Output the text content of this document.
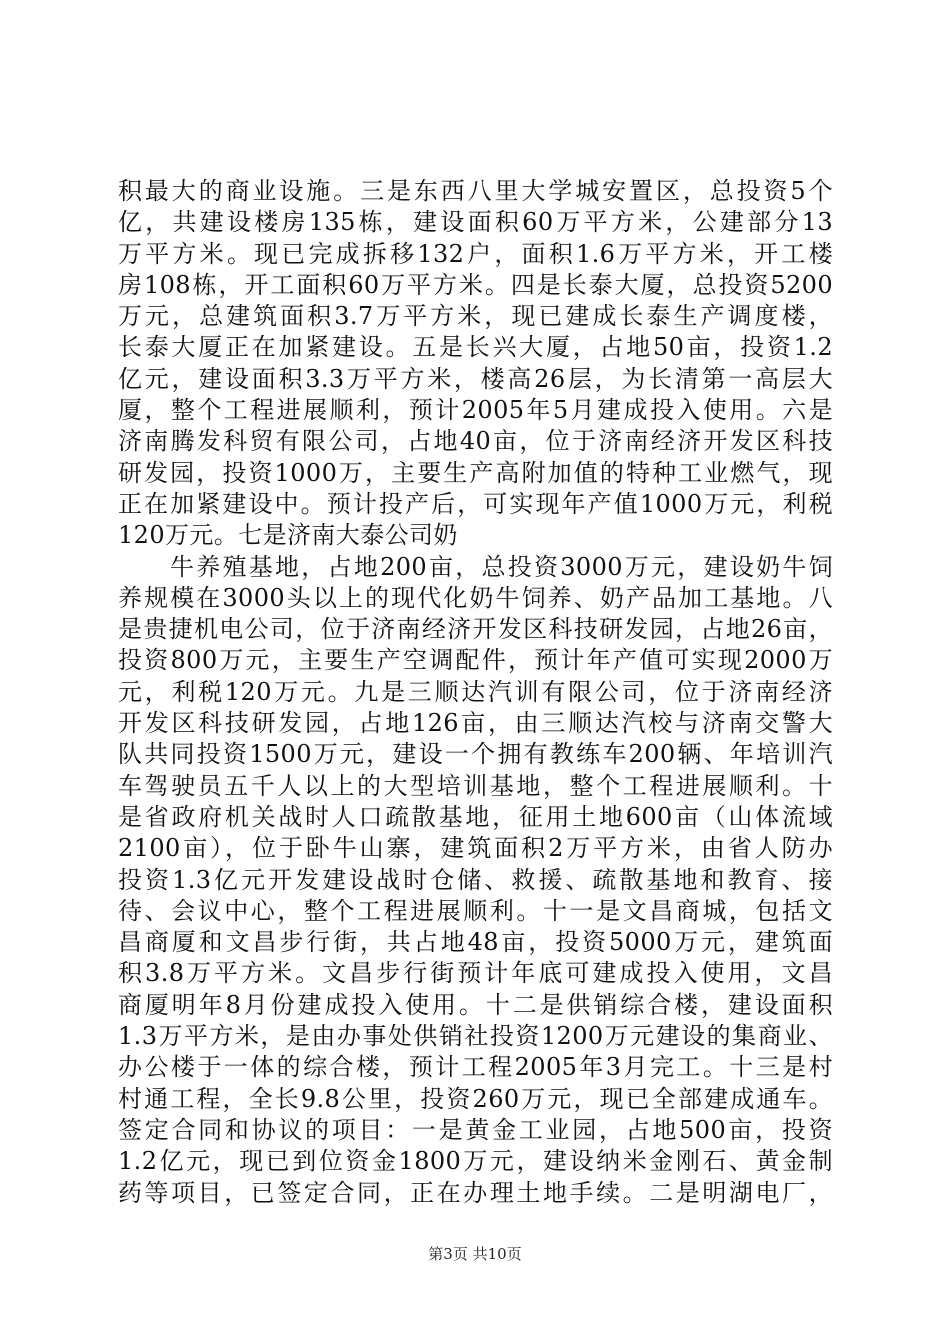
积最大的商业设施。三是东西八里大学城安置区，总投资5个
亿，共建设楼房135栋，建设面积60万平方米，公建部分13
万平方米。现已完成拆移132户，面积1.6万平方米，开工楼
房108栋，开工面积60万平方米。四是长泰大厦，总投资5200
万元，总建筑面积3.7万平方米，现已建成长泰生产调度楼，
长泰大厦正在加紧建设。五是长兴大厦，占地50亩，投资1.2
亿元，建设面积3.3万平方米，楼高26层，为长清第一高层大
厦，整个工程进展顺利，预计2005年5月建成投入使用。六是
济南腾发科贸有限公司，占地40亩，位于济南经济开发区科技
研发园，投资1000万，主要生产高附加值的特种工业燃气，现
正在加紧建设中。预计投产后，可实现年产值1000万元，利税
120万元。七是济南大泰公司奶
牛养殖基地，占地200亩，总投资3000万元，建设奶牛饲
养规模在3000头以上的现代化奶牛饲养、奶产品加工基地。八
是贵捷机电公司，位于济南经济开发区科技研发园，占地26亩，
投资800万元，主要生产空调配件，预计年产值可实现2000万
元，利税120万元。九是三顺达汽训有限公司，位于济南经济
开发区科技研发园，占地126亩，由三顺达汽校与济南交警大
队共同投资1500万元，建设一个拥有教练车200辆、年培训汽
车驾驶员五千人以上的大型培训基地，整个工程进展顺利。十
是省政府机关战时人口疏散基地，征用土地600亩（山体流域
2100亩），位于卧牛山寨，建筑面积2万平方米，由省人防办
投资1.3亿元开发建设战时仓储、救援、疏散基地和教育、接
待、会议中心，整个工程进展顺利。十一是文昌商城，包括文
昌商厦和文昌步行街，共占地48亩，投资5000万元，建筑面
积3.8万平方米。文昌步行街预计年底可建成投入使用，文昌
商厦明年8月份建成投入使用。十二是供销综合楼，建设面积
1.3万平方米，是由办事处供销社投资1200万元建设的集商业、
办公楼于一体的综合楼，预计工程2005年3月完工。十三是村
村通工程，全长9.8公里，投资260万元，现已全部建成通车。
签定合同和协议的项目：一是黄金工业园，占地500亩，投资
1.2亿元，现已到位资金1800万元，建设纳米金刚石、黄金制
药等项目，已签定合同，正在办理土地手续。二是明湖电厂，
第3页 共10页
